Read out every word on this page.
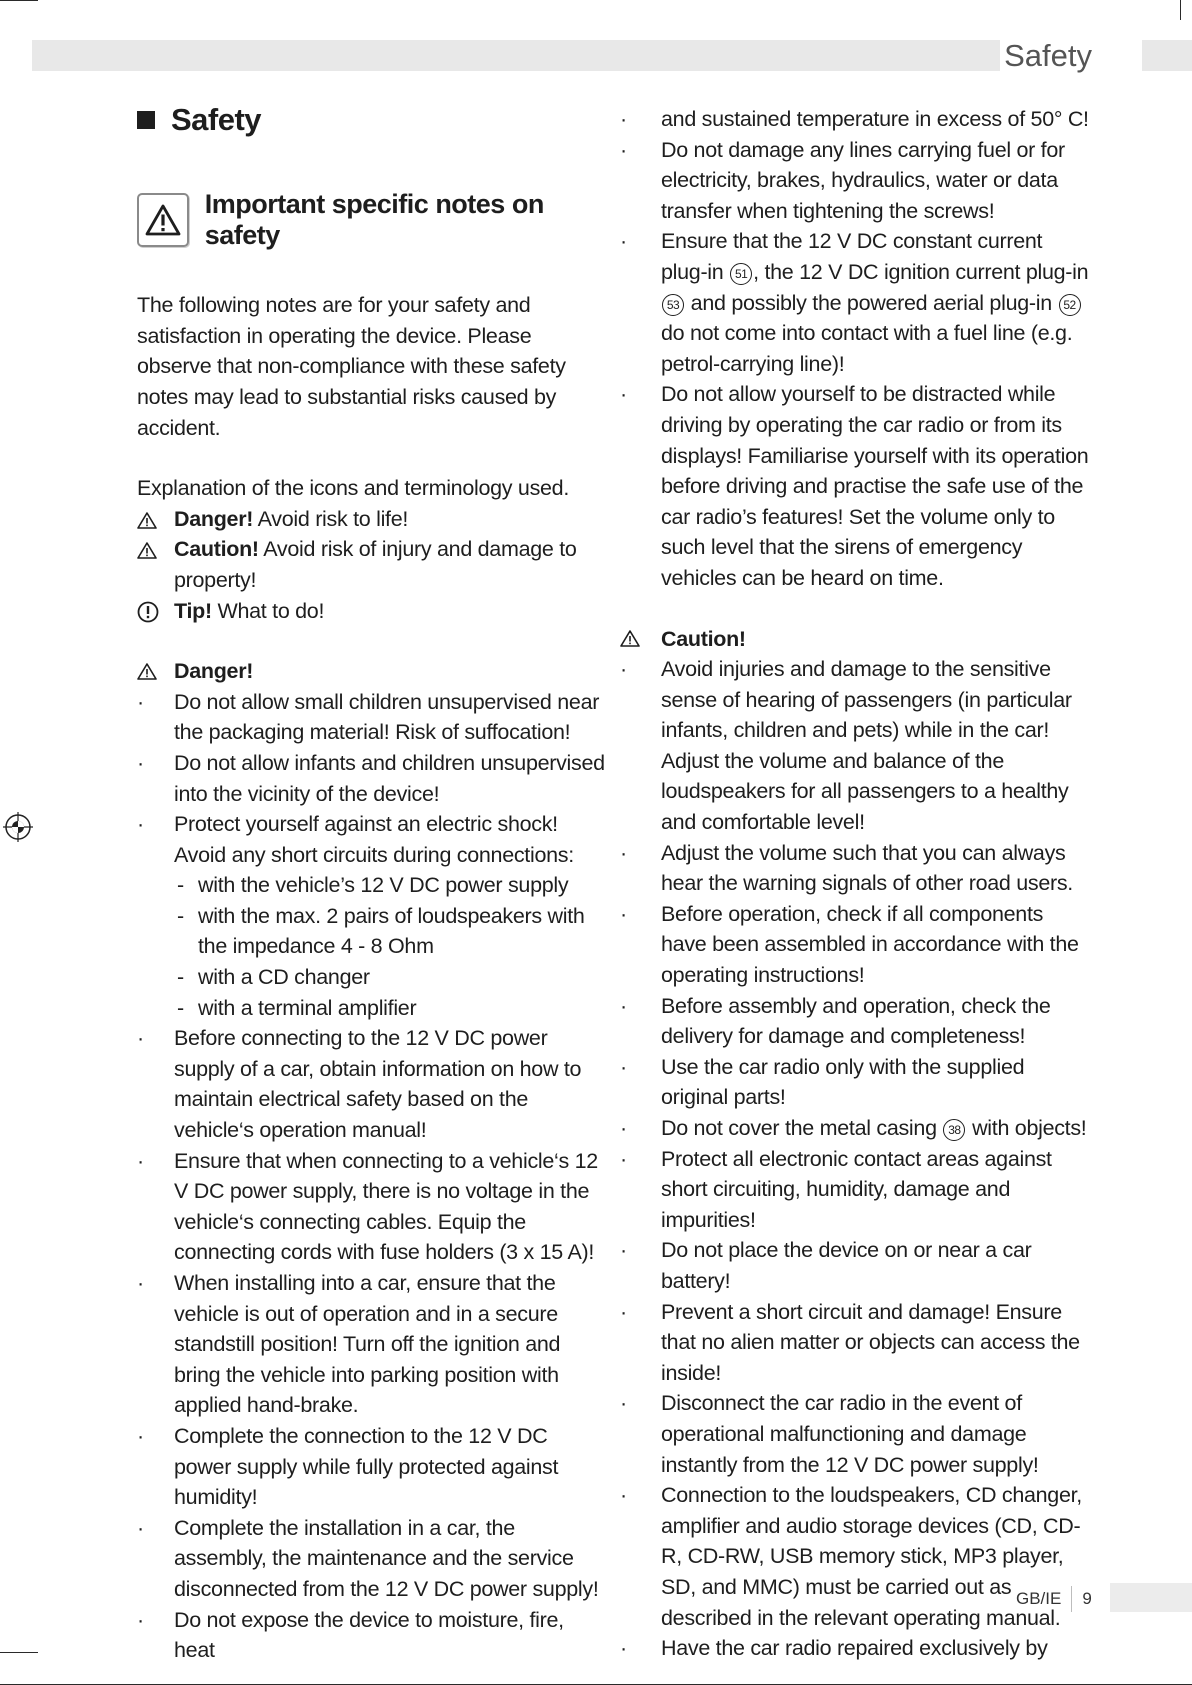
Safety
Safety
Important specific notes on safety

The following notes are for your safety and satisfaction in operating the device. Please observe that non-compliance with these safety notes may lead to substantial risks caused by accident.

Explanation of the icons and terminology used.

Danger! Avoid risk to life!
Caution! Avoid risk of injury and damage to property!
Tip! What to do!
Danger!
· Do not allow small children unsupervised near the packaging material! Risk of suffocation!
· Do not allow infants and children unsupervised into the vicinity of the device!
· Protect yourself against an electric shock! Avoid any short circuits during connections:
- with the vehicle’s 12 V DC power supply
- with the max. 2 pairs of loudspeakers with the impedance 4 - 8 Ohm
- with a CD changer
- with a terminal amplifier
· Before connecting to the 12 V DC power supply of a car, obtain information on how to maintain electrical safety based on the vehicle‘s operation manual!
· Ensure that when connecting to a vehicle‘s 12 V DC power supply, there is no voltage in the vehicle‘s connecting cables. Equip the connecting cords with fuse holders (3 x 15 A)!
· When installing into a car, ensure that the vehicle is out of operation and in a secure standstill position! Turn off the ignition and bring the vehicle into parking position with applied hand-brake.
· Complete the connection to the 12 V DC power supply while fully protected against humidity!
· Complete the installation in a car, the assembly, the maintenance and the service disconnected from the 12 V DC power supply!
· Do not expose the device to moisture, fire, heat
· and sustained temperature in excess of 50° C!
· Do not damage any lines carrying fuel or for electricity, brakes, hydraulics, water or data transfer when tightening the screws!
· Ensure that the 12 V DC constant current plug-in 51 , the 12 V DC ignition current plug-in 53 and possibly the powered aerial plug-in 52 do not come into contact with a fuel line (e.g. petrol-carrying line)!
· Do not allow yourself to be distracted while driving by operating the car radio or from its displays! Familiarise yourself with its operation before driving and practise the safe use of the car radio’s features! Set the volume only to such level that the sirens of emergency vehicles can be heard on time.
Caution!
· Avoid injuries and damage to the sensitive sense of hearing of passengers (in particular infants, children and pets) while in the car! Adjust the volume and balance of the loudspeakers for all passengers to a healthy and comfortable level!
· Adjust the volume such that you can always hear the warning signals of other road users.
· Before operation, check if all components have been assembled in accordance with the operating instructions!
· Before assembly and operation, check the delivery for damage and completeness!
· Use the car radio only with the supplied original parts!
· Do not cover the metal casing 38 with objects!
· Protect all electronic contact areas against short circuiting, humidity, damage and impurities!
· Do not place the device on or near a car battery!
· Prevent a short circuit and damage! Ensure that no alien matter or objects can access the inside!
· Disconnect the car radio in the event of operational malfunctioning and damage instantly from the 12 V DC power supply!
· Connection to the loudspeakers, CD changer, amplifier and audio storage devices (CD, CD-R, CD-RW, USB memory stick, MP3 player, SD, and MMC) must be carried out as described in the relevant operating manual.
· Have the car radio repaired exclusively by
GB/IE 9
